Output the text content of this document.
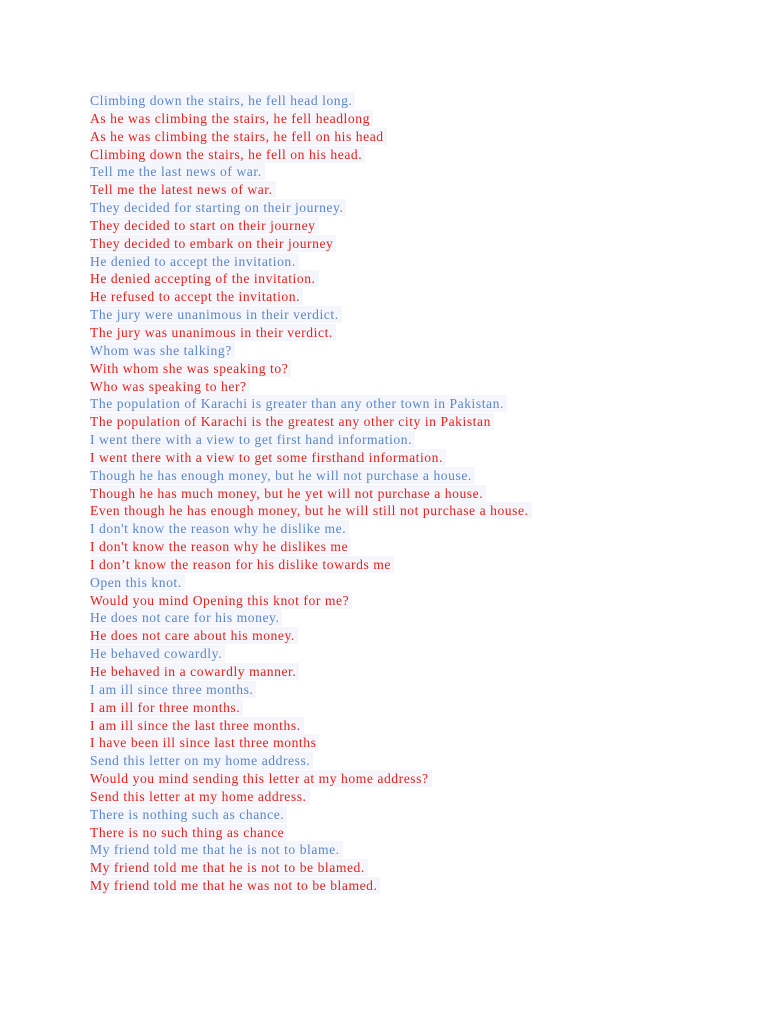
Climbing down the stairs, he fell head long.
As he was climbing the stairs, he fell headlong
As he was climbing the stairs, he fell on his head
Climbing down the stairs, he fell on his head.
Tell me the last news of war.
Tell me the latest news of war.
They decided for starting on their journey.
They decided to start on their journey
They decided to embark on their journey
He denied to accept the invitation.
He denied accepting of the invitation.
He refused to accept the invitation.
The jury were unanimous in their verdict.
The jury was unanimous in their verdict.
Whom was she talking?
With whom she was speaking to?
Who was speaking to her?
The population of Karachi is greater than any other town in Pakistan.
The population of Karachi is the greatest any other city in Pakistan
I went there with a view to get first hand information.
I went there with a view to get some firsthand information.
Though he has enough money, but he will not purchase a house.
Though he has much money, but he yet will not purchase a house.
Even though he has enough money, but he will still not purchase a house.
I don't know the reason why he dislike me.
I don't know the reason why he dislikes me
I don’t know the reason for his dislike towards me
Open this knot.
Would you mind Opening this knot for me?
He does not care for his money.
He does not care about his money.
He behaved cowardly.
He behaved in a cowardly manner.
I am ill since three months.
I am ill for three months.
I am ill since the last three months.
I have been ill since last three months
Send this letter on my home address.
Would you mind sending this letter at my home address?
Send this letter at my home address.
There is nothing such as chance.
There is no such thing as chance
My friend told me that he is not to blame.
My friend told me that he is not to be blamed.
My friend told me that he was not to be blamed.
